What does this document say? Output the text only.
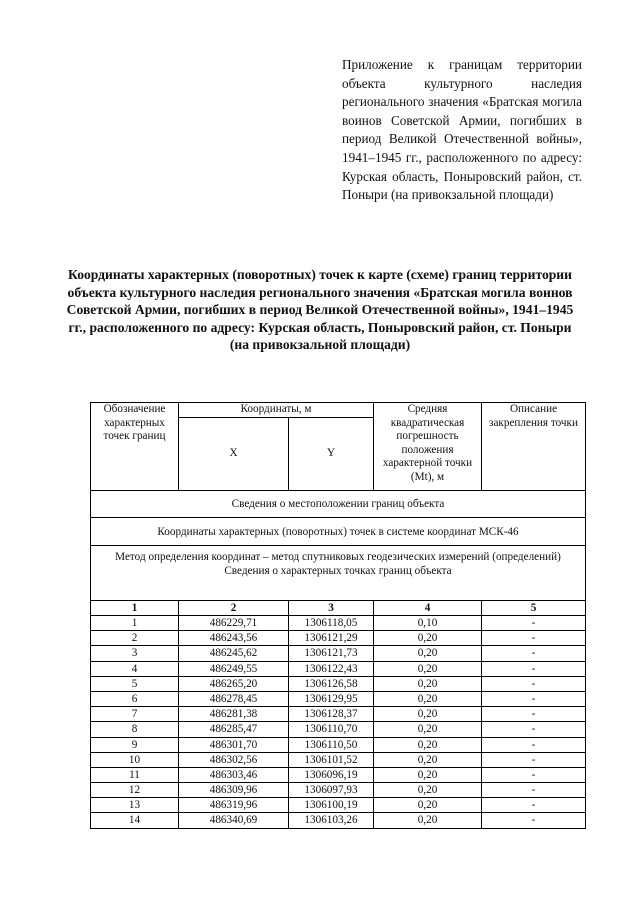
Приложение к границам территории объекта культурного наследия регионального значения «Братская могила воинов Советской Армии, погибших в период Великой Отечественной войны», 1941–1945 гг., расположенного по адресу: Курская область, Поныровский район, ст. Поныри (на привокзальной площади)
Координаты характерных (поворотных) точек к карте (схеме) границ территории объекта культурного наследия регионального значения «Братская могила воинов Советской Армии, погибших в период Великой Отечественной войны», 1941–1945 гг., расположенного по адресу: Курская область, Поныровский район, ст. Поныри (на привокзальной площади)
Сведения о местоположении границ объекта				
Координаты характерных (поворотных) точек в системе координат МСК-46				

Метод определения координат – метод спутниковых геодезических измерений (определений)
Сведения о характерных точках границ объекта				

Обозначение характерных точек границ	Координаты, м		Средняя квадратическая погрешность положения характерной точки (Mt), м	Описание закрепления точки
	X	Y		
1	2	3	4	5
1	486229,71	1306118,05	0,10	-
2	486243,56	1306121,29	0,20	-
3	486245,62	1306121,73	0,20	-
4	486249,55	1306122,43	0,20	-
5	486265,20	1306126,58	0,20	-
6	486278,45	1306129,95	0,20	-
7	486281,38	1306128,37	0,20	-
8	486285,47	1306110,70	0,20	-
9	486301,70	1306110,50	0,20	-
10	486302,56	1306101,52	0,20	-
11	486303,46	1306096,19	0,20	-
12	486309,96	1306097,93	0,20	-
13	486319,96	1306100,19	0,20	-
14	486340,69	1306103,26	0,20	-
